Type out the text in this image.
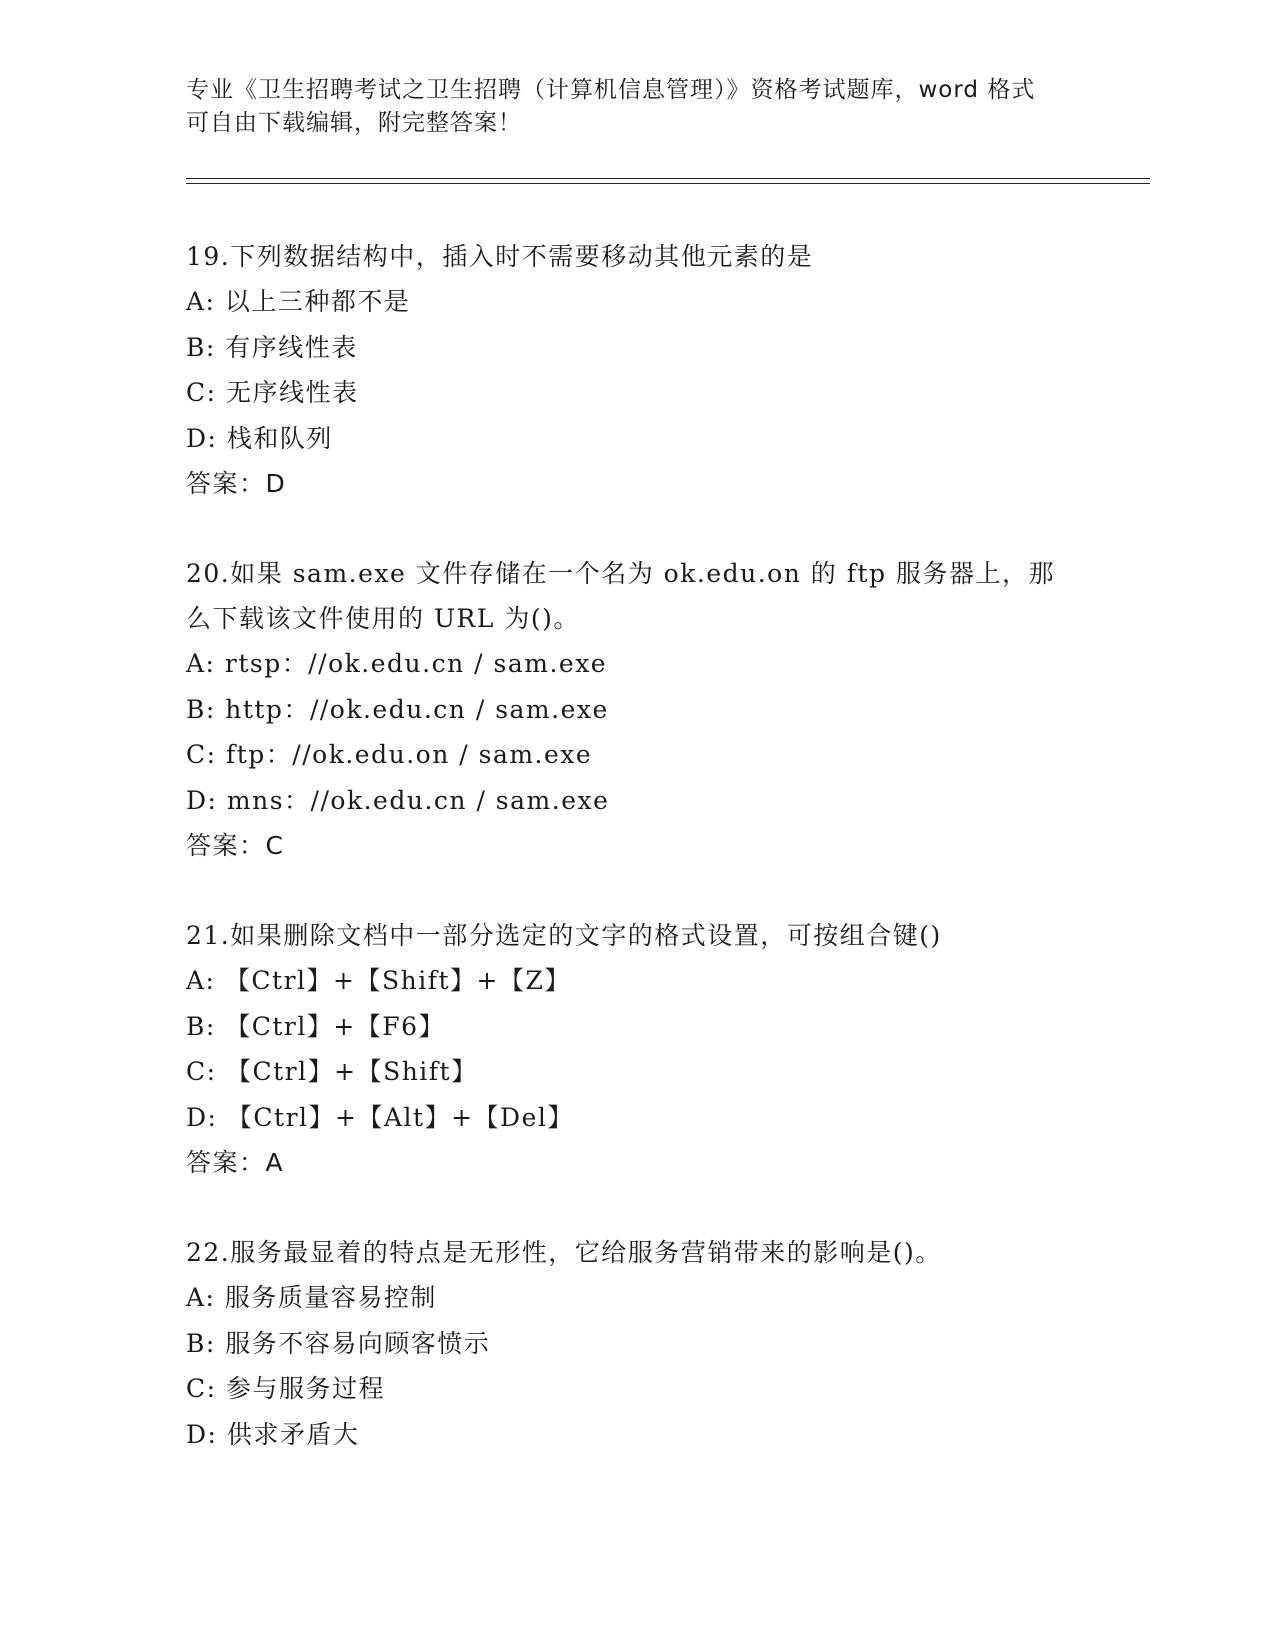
专业《卫生招聘考试之卫生招聘（计算机信息管理）》资格考试题库，word 格式
可自由下载编辑，附完整答案！
19.下列数据结构中，插入时不需要移动其他元素的是
A: 以上三种都不是
B: 有序线性表
C: 无序线性表
D: 栈和队列
答案：D
20.如果 sam.exe 文件存储在一个名为 ok.edu.on 的 ftp 服务器上，那
么下载该文件使用的 URL 为()。
A: rtsp：//ok.edu.cn / sam.exe
B: http：//ok.edu.cn / sam.exe
C: ftp：//ok.edu.on / sam.exe
D: mns：//ok.edu.cn / sam.exe
答案：C
21.如果删除文档中一部分选定的文字的格式设置，可按组合键()
A: 【Ctrl】+【Shift】+【Z】
B: 【Ctrl】+【F6】
C: 【Ctrl】+【Shift】
D: 【Ctrl】+【Alt】+【Del】
答案：A
22.服务最显着的特点是无形性，它给服务营销带来的影响是()。
A: 服务质量容易控制
B: 服务不容易向顾客愤示
C: 参与服务过程
D: 供求矛盾大
